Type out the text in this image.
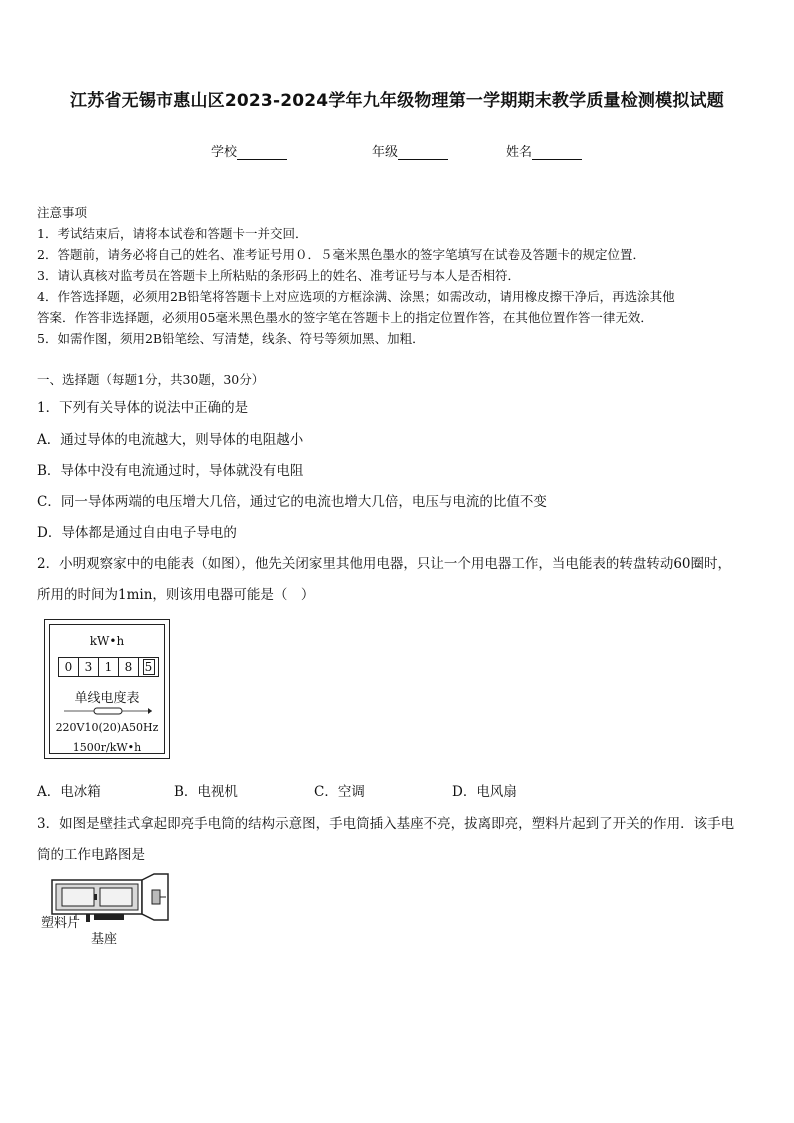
江苏省无锡市惠山区2023-2024学年九年级物理第一学期期末教学质量检测模拟试题
学校	年级	姓名
注意事项
1．考试结束后，请将本试卷和答题卡一并交回．
2．答题前，请务必将自己的姓名、准考证号用０．５毫米黑色墨水的签字笔填写在试卷及答题卡的规定位置．
3．请认真核对监考员在答题卡上所粘贴的条形码上的姓名、准考证号与本人是否相符．
4．作答选择题，必须用2B铅笔将答题卡上对应选项的方框涂满、涂黑；如需改动，请用橡皮擦干净后，再选涂其他
答案．作答非选择题，必须用05毫米黑色墨水的签字笔在答题卡上的指定位置作答，在其他位置作答一律无效．
5．如需作图，须用2B铅笔绘、写清楚，线条、符号等须加黑、加粗．
一、选择题（每题1分，共30题，30分）
1．下列有关导体的说法中正确的是
A．通过导体的电流越大，则导体的电阻越小
B．导体中没有电流通过时，导体就没有电阻
C．同一导体两端的电压增大几倍，通过它的电流也增大几倍，电压与电流的比值不变
D．导体都是通过自由电子导电的
2．小明观察家中的电能表（如图），他先关闭家里其他用电器，只让一个用电器工作，当电能表的转盘转动60圈时，
所用的时间为1min，则该用电器可能是（　）
kW•h
0	3	1	8	5
单线电度表
220V10(20)A50Hz
1500r/kW•h
A．电冰箱	B．电视机	C．空调	D．电风扇
3．如图是壁挂式拿起即亮手电筒的结构示意图，手电筒插入基座不亮，拔离即亮，塑料片起到了开关的作用．该手电
筒的工作电路图是
塑料片
基座
